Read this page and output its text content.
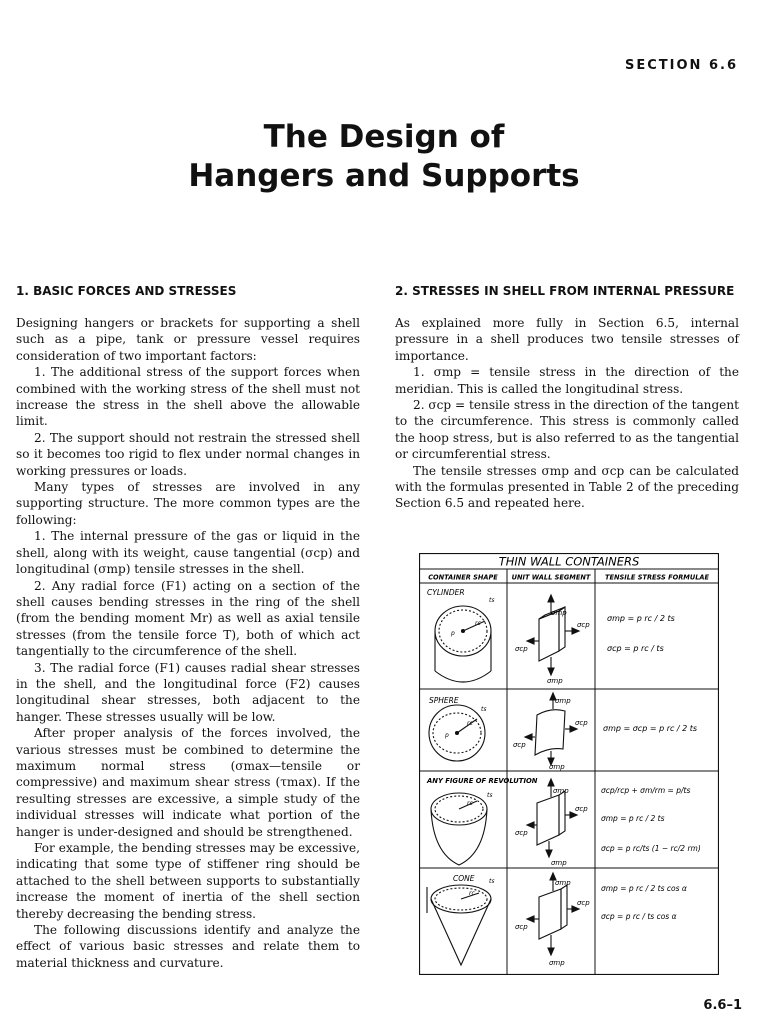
SECTION 6.6
The Design of
Hangers and Supports
1. BASIC FORCES AND STRESSES

Designing hangers or brackets for supporting a shell such as a pipe, tank or pressure vessel requires consideration of two important factors:

1. The additional stress of the support forces when combined with the working stress of the shell must not increase the stress in the shell above the allowable limit.

2. The support should not restrain the stressed shell so it becomes too rigid to flex under normal changes in working pressures or loads.

Many types of stresses are involved in any supporting structure. The more common types are the following:

1. The internal pressure of the gas or liquid in the shell, along with its weight, cause tangential (σcp) and longitudinal (σmp) tensile stresses in the shell.

2. Any radial force (F1) acting on a section of the shell causes bending stresses in the ring of the shell (from the bending moment Mr) as well as axial tensile stresses (from the tensile force T), both of which act tangentially to the circumference of the shell.

3. The radial force (F1) causes radial shear stresses in the shell, and the longitudinal force (F2) causes longitudinal shear stresses, both adjacent to the hanger. These stresses usually will be low.

After proper analysis of the forces involved, the various stresses must be combined to determine the maximum normal stress (σmax—tensile or compressive) and maximum shear stress (τmax). If the resulting stresses are excessive, a simple study of the individual stresses will indicate what portion of the hanger is under-designed and should be strengthened.

For example, the bending stresses may be excessive, indicating that some type of stiffener ring should be attached to the shell between supports to substantially increase the moment of inertia of the shell section thereby decreasing the bending stress.

The following discussions identify and analyze the effect of various basic stresses and relate them to material thickness and curvature.

2. STRESSES IN SHELL FROM INTERNAL PRESSURE

As explained more fully in Section 6.5, internal pressure in a shell produces two tensile stresses of importance.

1. σmp = tensile stress in the direction of the meridian. This is called the longitudinal stress.

2. σcp = tensile stress in the direction of the tangent to the circumference. This stress is commonly called the hoop stress, but is also referred to as the tangential or circumferential stress.

The tensile stresses σmp and σcp can be calculated with the formulas presented in Table 2 of the preceding Section 6.5 and repeated here.

THIN WALL CONTAINERS
CONTAINER SHAPE UNIT WALL SEGMENT TENSILE STRESS FORMULAE
CYLINDER
p
rc
ts
σmp
σcp
σcp
σmp
σmp = p rc / 2 ts
σcp = p rc / ts
SPHERE
p
rc
ts
σmp
σcp
σcp
σmp
σmp = σcp = p rc / 2 ts
ANY FIGURE OF REVOLUTION
rc
ts
σmp
σcp
σcp
σmp
σcp/rcp + σm/rm = p/ts
σmp = p rc / 2 ts
σcp = p rc/ts (1 − rc/2 rm)
CONE
rc
ts	σmp
σcp
σcp
σmp
σmp = p rc / 2 ts cos α
σcp = p rc / ts cos α
6.6–1
